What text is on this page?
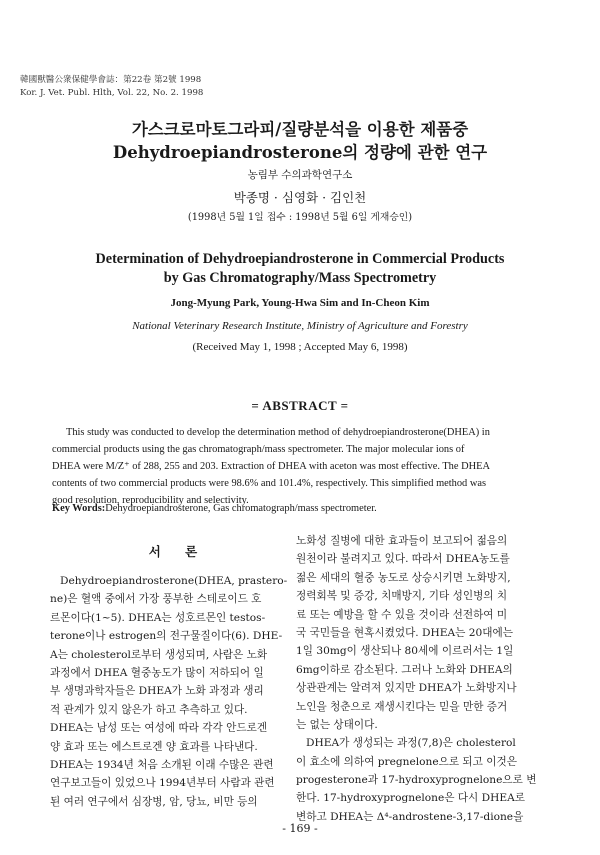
韓國獸醫公衆保健學會誌：第22卷 第2號 1998
Kor. J. Vet. Publ. Hlth, Vol. 22, No. 2. 1998
가스크로마토그라피/질량분석을 이용한 제품중
Dehydroepiandrosterone의 정량에 관한 연구
농림부 수의과학연구소
박종명 · 심영화 · 김인천
(1998년 5월 1일 접수 : 1998년 5월 6일 게재승인)
Determination of Dehydroepiandrosterone in Commercial Products
by Gas Chromatography/Mass Spectrometry
Jong-Myung Park, Young-Hwa Sim and In-Cheon Kim
National Veterinary Research Institute, Ministry of Agriculture and Forestry
(Received May 1, 1998 ; Accepted May 6, 1998)
= ABSTRACT =
This study was conducted to develop the determination method of dehydroepiandrosterone(DHEA) in
commercial products using the gas chromatograph/mass spectrometer. The major molecular ions of
DHEA were M/Z⁺ of 288, 255 and 203. Extraction of DHEA with aceton was most effective. The DHEA
contents of two commercial products were 98.6% and 101.4%, respectively. This simplified method was
good resolution, reproducibility and selectivity.
Key Words:Dehydroepiandrosterone, Gas chromatograph/mass spectrometer.
서 론
Dehydroepiandrosterone(DHEA, prastero-
ne)은 혈액 중에서 가장 풍부한 스테로이드 호
르몬이다(1~5). DHEA는 성호르몬인 testos-
terone이나 estrogen의 전구물질이다(6). DHE-
A는 cholesterol로부터 생성되며, 사람은 노화
과정에서 DHEA 혈중농도가 많이 저하되어 일
부 생명과학자들은 DHEA가 노화 과정과 생리
적 관계가 있지 않은가 하고 추측하고 있다.
DHEA는 남성 또는 여성에 따라 각각 안드로겐
양 효과 또는 에스트로겐 양 효과를 나타낸다.
DHEA는 1934년 처음 소개된 이래 수많은 관련
연구보고들이 있었으나 1994년부터 사람과 관련
된 여러 연구에서 심장병, 암, 당뇨, 비만 등의
노화성 질병에 대한 효과들이 보고되어 젊음의
원천이라 불려지고 있다. 따라서 DHEA농도를
젊은 세대의 혈중 농도로 상승시키면 노화방지,
정력회복 및 증강, 치매방지, 기타 성인병의 치
료 또는 예방을 할 수 있을 것이라 선전하여 미
국 국민들을 현혹시켰었다. DHEA는 20대에는
1일 30mg이 생산되나 80세에 이르러서는 1일
6mg이하로 감소된다. 그러나 노화와 DHEA의
상관관계는 알려져 있지만 DHEA가 노화방지나
노인을 청춘으로 재생시킨다는 믿을 만한 증거
는 없는 상태이다.
DHEA가 생성되는 과정(7,8)은 cholesterol
이 효소에 의하여 pregnelone으로 되고 이것은
progesterone과 17-hydroxyprognelone으로 변
한다. 17-hydroxyprognelone은 다시 DHEA로
변하고 DHEA는 Δ⁴-androstene-3,17-dione을
- 169 -
